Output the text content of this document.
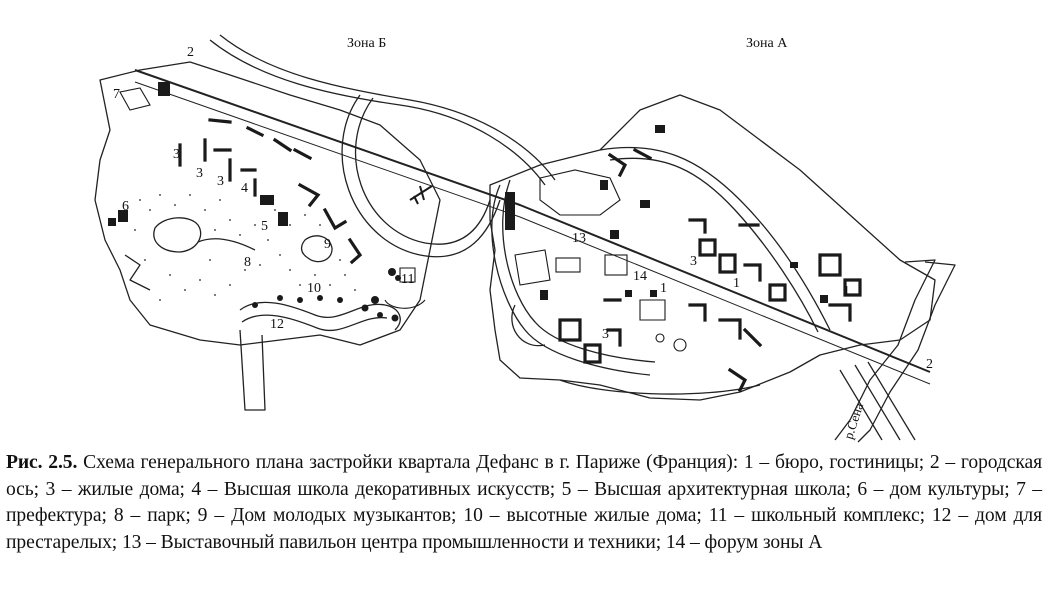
Зона Б	Зона А
2
2
7
6
3
3
3 4
5
8
9
10
11
12
13
14
3
3
1	1
1
р.Сена
Рис. 2.5. Схема генерального плана застройки квартала Дефанс в г. Париже (Франция): 1 – бюро, гостиницы; 2 – городская ось; 3 – жилые дома; 4 – Высшая школа декоративных искусств; 5 – Высшая архитектурная школа; 6 – дом культуры; 7 – префектура; 8 – парк; 9 – Дом молодых музыкантов; 10 – высотные жилые дома; 11 – школьный комплекс; 12 – дом для престарелых; 13 – Выставочный павильон центра промышленности и техники; 14 – форум зоны А
